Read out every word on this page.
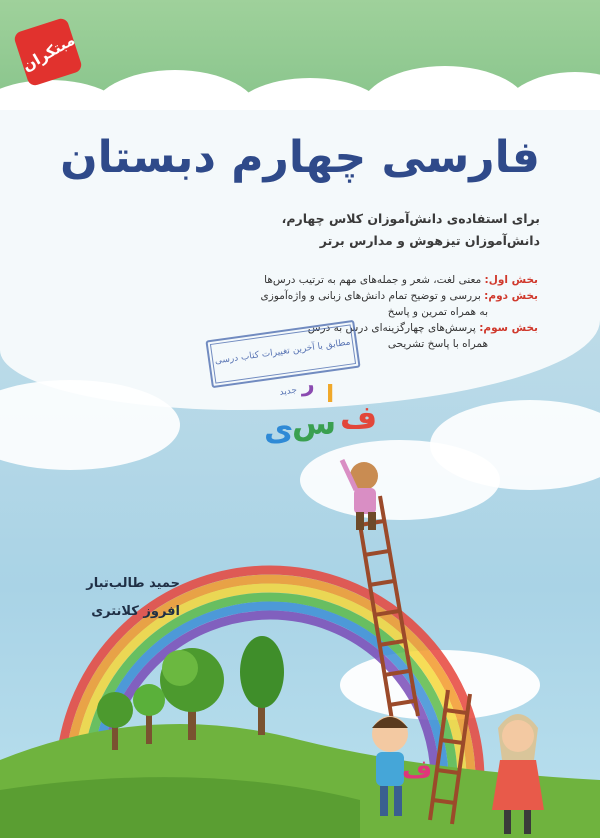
مبتکران
فارسی چهارم دبستان
برای استفاده‌ی دانش‌آموزان کلاس چهارم،
دانش‌آموزان تیزهوش و مدارس برتر
بخش اول: معنی لغت، شعر و جمله‌های مهم به ترتیب درس‌ها
بخش دوم: بررسی و توضیح تمام دانش‌های زبانی و واژه‌آموزی
به همراه تمرین و پاسخ
بخش سوم: پرسش‌های چهارگزینه‌ای درس به درس
همراه با پاسخ تشریحی
مطابق با آخرین تغییرات کتاب درسی جدید
ف
ا
ر
س
ی
ف
حمید طالب‌تبار
افروز کلانتری
